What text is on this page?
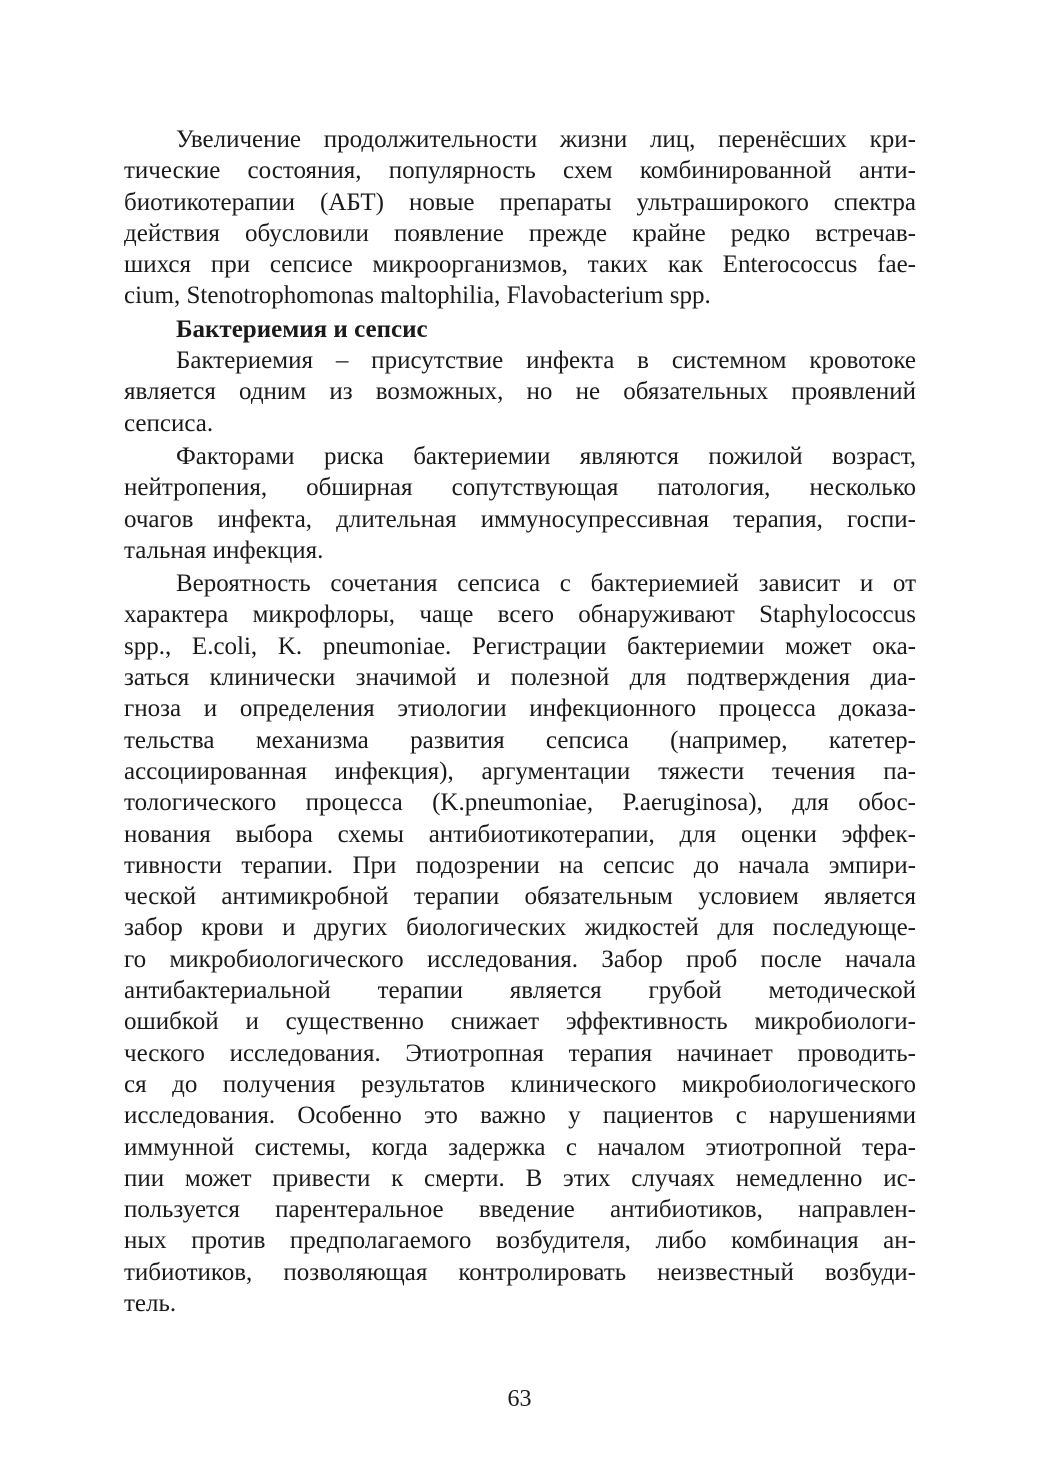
Увеличение продолжительности жизни лиц, перенёсших кри-
тические состояния, популярность схем комбинированной анти-
биотикотерапии (АБТ) новые препараты ультраширокого спектра
действия обусловили появление прежде крайне редко встречав-
шихся при сепсисе микроорганизмов, таких как Enterococcus fae-
cium, Stenotrophomonas maltophilia, Flavobacterium spp.
Бактериемия и сепсис
Бактериемия – присутствие инфекта в системном кровотоке
является одним из возможных, но не обязательных проявлений
сепсиса.
Факторами риска бактериемии являются пожилой возраст,
нейтропения, обширная сопутствующая патология, несколько
очагов инфекта, длительная иммуносупрессивная терапия, госпи-
тальная инфекция.
Вероятность сочетания сепсиса с бактериемией зависит и от
характера микрофлоры, чаще всего обнаруживают Staphylococcus
spp., E.coli, K. pneumoniae. Регистрации бактериемии может ока-
заться клинически значимой и полезной для подтверждения диа-
гноза и определения этиологии инфекционного процесса доказа-
тельства механизма развития сепсиса (например, катетер-
ассоциированная инфекция), аргументации тяжести течения па-
тологического процесса (K.pneumoniae, P.aeruginosa), для обос-
нования выбора схемы антибиотикотерапии, для оценки эффек-
тивности терапии. При подозрении на сепсис до начала эмпири-
ческой антимикробной терапии обязательным условием является
забор крови и других биологических жидкостей для последующе-
го микробиологического исследования. Забор проб после начала
антибактериальной терапии является грубой методической
ошибкой и существенно снижает эффективность микробиологи-
ческого исследования. Этиотропная терапия начинает проводить-
ся до получения результатов клинического микробиологического
исследования. Особенно это важно у пациентов с нарушениями
иммунной системы, когда задержка с началом этиотропной тера-
пии может привести к смерти. В этих случаях немедленно ис-
пользуется парентеральное введение антибиотиков, направлен-
ных против предполагаемого возбудителя, либо комбинация ан-
тибиотиков, позволяющая контролировать неизвестный возбуди-
тель.
63
